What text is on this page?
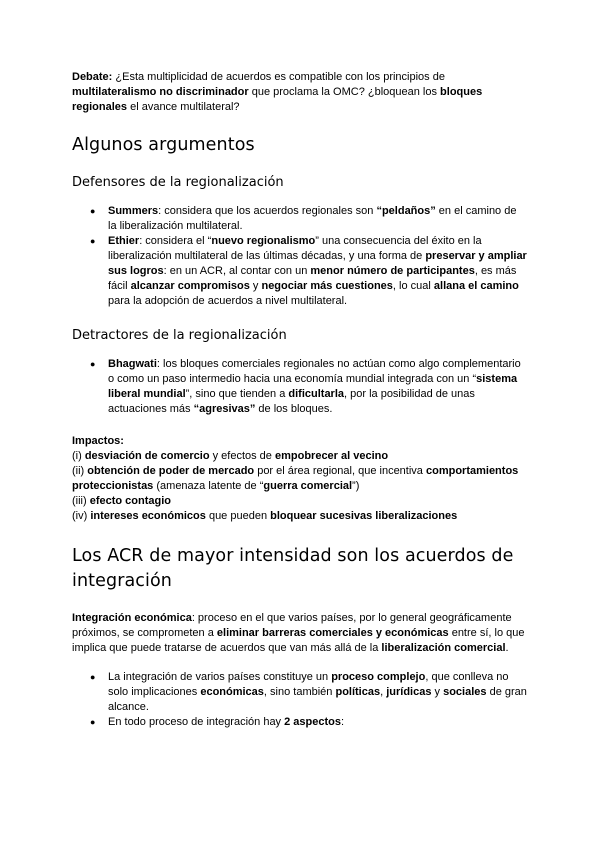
Debate: ¿Esta multiplicidad de acuerdos es compatible con los principios de multilateralismo no discriminador que proclama la OMC? ¿bloquean los bloques regionales el avance multilateral?

Algunos argumentos
Defensores de la regionalización
● Summers: considera que los acuerdos regionales son “peldaños” en el camino de la liberalización multilateral.
● Ethier: considera el “nuevo regionalismo” una consecuencia del éxito en la liberalización multilateral de las últimas décadas, y una forma de preservar y ampliar sus logros: en un ACR, al contar con un menor número de participantes, es más fácil alcanzar compromisos y negociar más cuestiones, lo cual allana el camino para la adopción de acuerdos a nivel multilateral.
Detractores de la regionalización
● Bhagwati: los bloques comerciales regionales no actúan como algo complementario o como un paso intermedio hacia una economía mundial integrada con un “sistema liberal mundial”, sino que tienden a dificultarla, por la posibilidad de unas actuaciones más “agresivas” de los bloques.

Impactos:

(i) desviación de comercio y efectos de empobrecer al vecino

(ii) obtención de poder de mercado por el área regional, que incentiva comportamientos proteccionistas (amenaza latente de “guerra comercial”)

(iii) efecto contagio

(iv) intereses económicos que pueden bloquear sucesivas liberalizaciones

Los ACR de mayor intensidad son los acuerdos de integración

Integración económica: proceso en el que varios países, por lo general geográficamente próximos, se comprometen a eliminar barreras comerciales y económicas entre sí, lo que implica que puede tratarse de acuerdos que van más allá de la liberalización comercial.

● La integración de varios países constituye un proceso complejo, que conlleva no solo implicaciones económicas, sino también políticas, jurídicas y sociales de gran alcance.
● En todo proceso de integración hay 2 aspectos:
